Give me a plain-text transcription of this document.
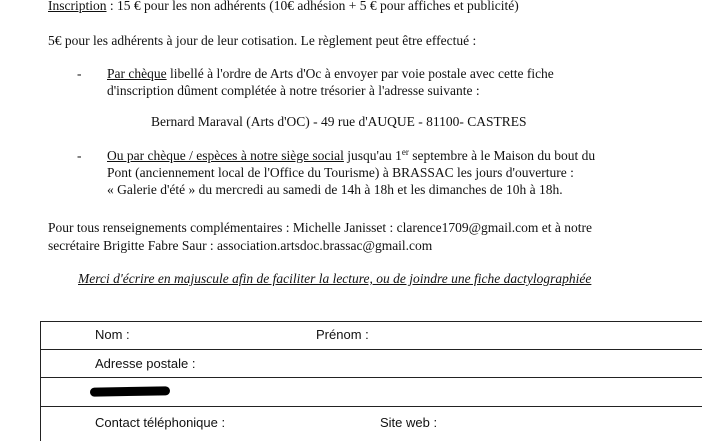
Inscription : 15 € pour les non adhérents (10€ adhésion + 5 € pour affiches et publicité)
5€ pour les adhérents à jour de leur cotisation. Le règlement peut être effectué :
- Par chèque libellé à l'ordre de Arts d'Oc à envoyer par voie postale avec cette fiche
d'inscription dûment complétée à notre trésorier à l'adresse suivante :
Bernard Maraval (Arts d'OC) - 49 rue d'AUQUE - 81100- CASTRES
- Ou par chèque / espèces à notre siège social jusqu'au 1er septembre à le Maison du bout du
Pont (anciennement local de l'Office du Tourisme) à BRASSAC les jours d'ouverture :
« Galerie d'été » du mercredi au samedi de 14h à 18h et les dimanches de 10h à 18h.
Pour tous renseignements complémentaires : Michelle Janisset : clarence1709@gmail.com et à notre
secrétaire Brigitte Fabre Saur : association.artsdoc.brassac@gmail.com
Merci d'écrire en majuscule afin de faciliter la lecture, ou de joindre une fiche dactylographiée
Nom :	Prénom :
Adresse postale :
Contact téléphonique :	Site web :
